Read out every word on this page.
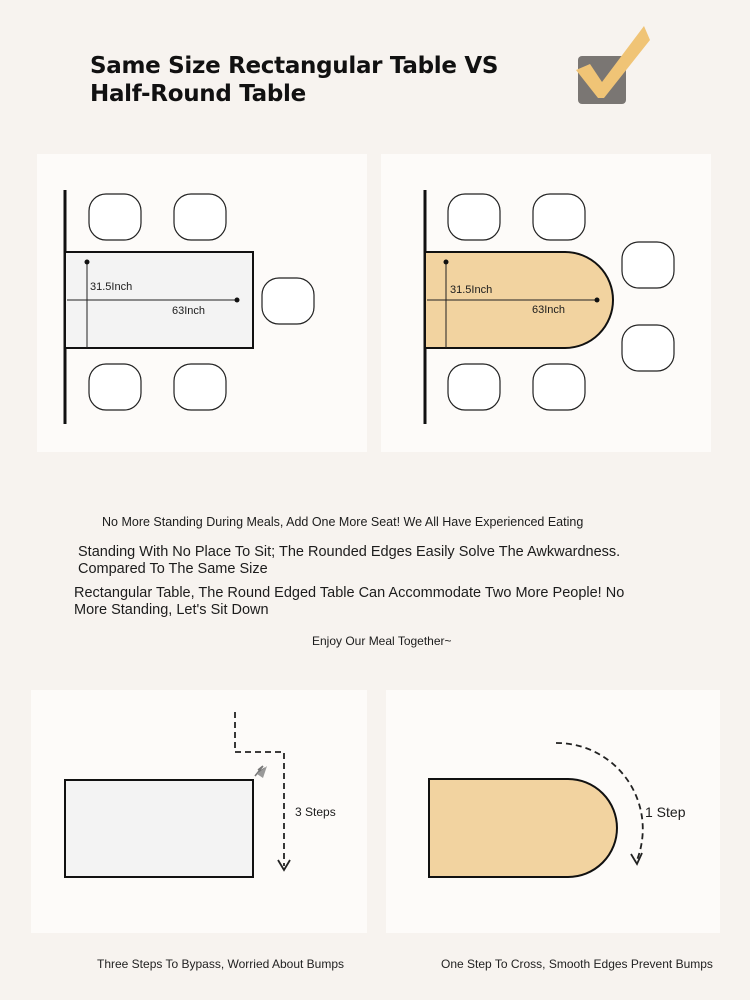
Same Size Rectangular Table VS
Half-Round Table
31.5Inch
63Inch
31.5Inch
63Inch
No More Standing During Meals, Add One More Seat! We All Have Experienced Eating
Standing With No Place To Sit; The Rounded Edges Easily Solve The Awkwardness.
Compared To The Same Size
Rectangular Table, The Round Edged Table Can Accommodate Two More People! No
More Standing, Let's Sit Down
Enjoy Our Meal Together~
3 Steps	1 Step
Three Steps To Bypass, Worried About Bumps	One Step To Cross, Smooth Edges Prevent Bumps
